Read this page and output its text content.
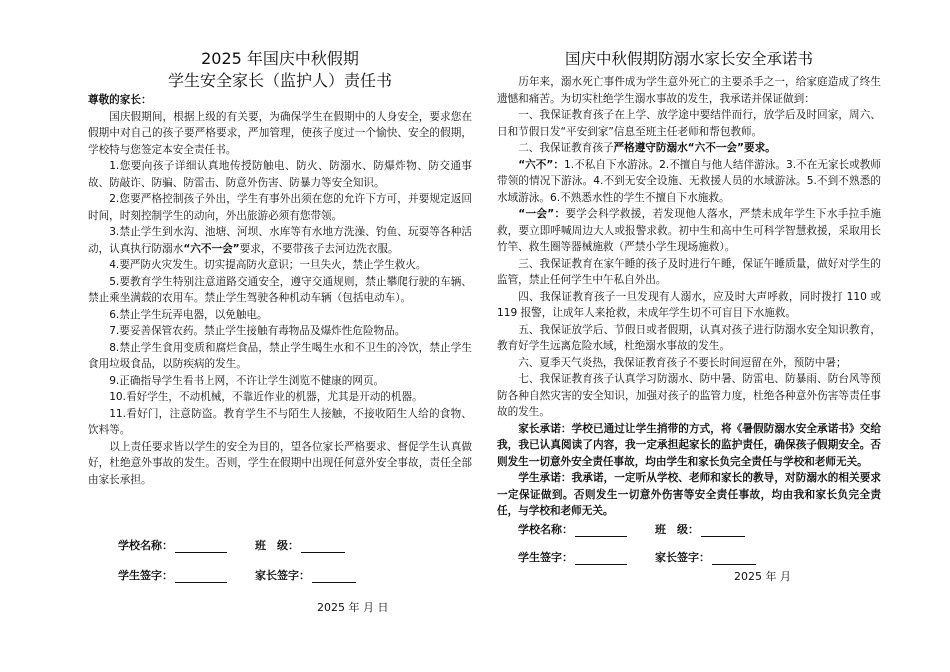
2025 年国庆中秋假期
学生安全家长（监护人）责任书

尊敬的家长：

国庆假期间，根据上级的有关要，为确保学生在假期中的人身安全，要求您在假期中对自己的孩子要严格要求，严加管理，使孩子度过一个愉快、安全的假期，学校特与您签定本安全责任书。

1.您要向孩子详细认真地传授防触电、防火、防溺水、防爆炸物、防交通事故、防敲诈、防骗、防雷击、防意外伤害、防暴力等安全知识。

2.您要严格控制孩子外出，学生有事外出须在您的允许下方可，并要规定返回时间，时刻控制学生的动向，外出旅游必须有您带领。

3.禁止学生到水沟、池塘、河坝、水库等有水地方洗澡、钓鱼、玩耍等各种活动，认真执行防溺水“六不一会”要求，不要带孩子去河边洗衣服。

4.要严防火灾发生。切实提高防火意识；一旦失火，禁止学生救火。

5.要教育学生特别注意道路交通安全，遵守交通规则，禁止攀爬行驶的车辆、禁止乘坐满载的农用车。禁止学生驾驶各种机动车辆（包括电动车）。

6.禁止学生玩弄电器，以免触电。

7.要妥善保管农药。禁止学生接触有毒物品及爆炸性危险物品。

8.禁止学生食用变质和腐烂食品，禁止学生喝生水和不卫生的冷饮，禁止学生食用垃圾食品，以防疾病的发生。

9.正确指导学生看书上网，不许让学生浏览不健康的网页。

10.看好学生，不动机械，不靠近作业的机器，尤其是开动的机器。

11.看好门，注意防盗。教育学生不与陌生人接触，不接收陌生人给的食物、饮料等。

以上责任要求皆以学生的安全为目的，望各位家长严格要求、督促学生认真做好，杜绝意外事故的发生。否则，学生在假期中出现任何意外安全事故，责任全部由家长承担。

学校名称：	班　级：
学生签字：	家长签字：
2025 年 月 日
国庆中秋假期防溺水家长安全承诺书

历年来，溺水死亡事件成为学生意外死亡的主要杀手之一，给家庭造成了终生遗憾和痛苦。为切实杜绝学生溺水事故的发生，我承诺并保证做到：

一、我保证教育孩子在上学、放学途中要结伴而行，放学后及时回家，周六、日和节假日发“平安到家”信息至班主任老师和帮包教师。

二、我保证教育孩子严格遵守防溺水“六不一会”要求。

“六不”：1.不私自下水游泳。2.不擅自与他人结伴游泳。3.不在无家长或教师带领的情况下游泳。4.不到无安全设施、无救援人员的水域游泳。5.不到不熟悉的水域游泳。6.不熟悉水性的学生不擅自下水施救。

“一会”：要学会科学救援，若发现他人落水，严禁未成年学生下水手拉手施救，要立即呼喊周边大人或报警求救。初中生和高中生可科学智慧救援，采取用长竹竿、救生圈等器械施救（严禁小学生现场施救）。

三、我保证教育在家午睡的孩子及时进行午睡，保证午睡质量，做好对学生的监管，禁止任何学生中午私自外出。

四、我保证教育孩子一旦发现有人溺水，应及时大声呼救，同时拨打 110 或 119 报警，让成年人来抢救，未成年学生切不可盲目下水施救。

五、我保证放学后、节假日或者假期，认真对孩子进行防溺水安全知识教育，教育好学生远离危险水域，杜绝溺水事故的发生。

六、夏季天气炎热，我保证教育孩子不要长时间逗留在外，预防中暑；

七、我保证教育孩子认真学习防溺水、防中暑、防雷电、防暴雨、防台风等预防各种自然灾害的安全知识，加强对孩子的监管力度，杜绝各种意外伤害等责任事故的发生。

家长承诺：学校已通过让学生捎带的方式，将《暑假防溺水安全承诺书》交给我，我已认真阅读了内容，我一定承担起家长的监护责任，确保孩子假期安全。否则发生一切意外安全责任事故，均由学生和家长负完全责任与学校和老师无关。

学生承诺：我承诺，一定听从学校、老师和家长的教导，对防溺水的相关要求一定保证做到。否则发生一切意外伤害等安全责任事故，均由我和家长负完全责任，与学校和老师无关。

学校名称：	班　级：
学生签字：	家长签字：
2025 年 月
